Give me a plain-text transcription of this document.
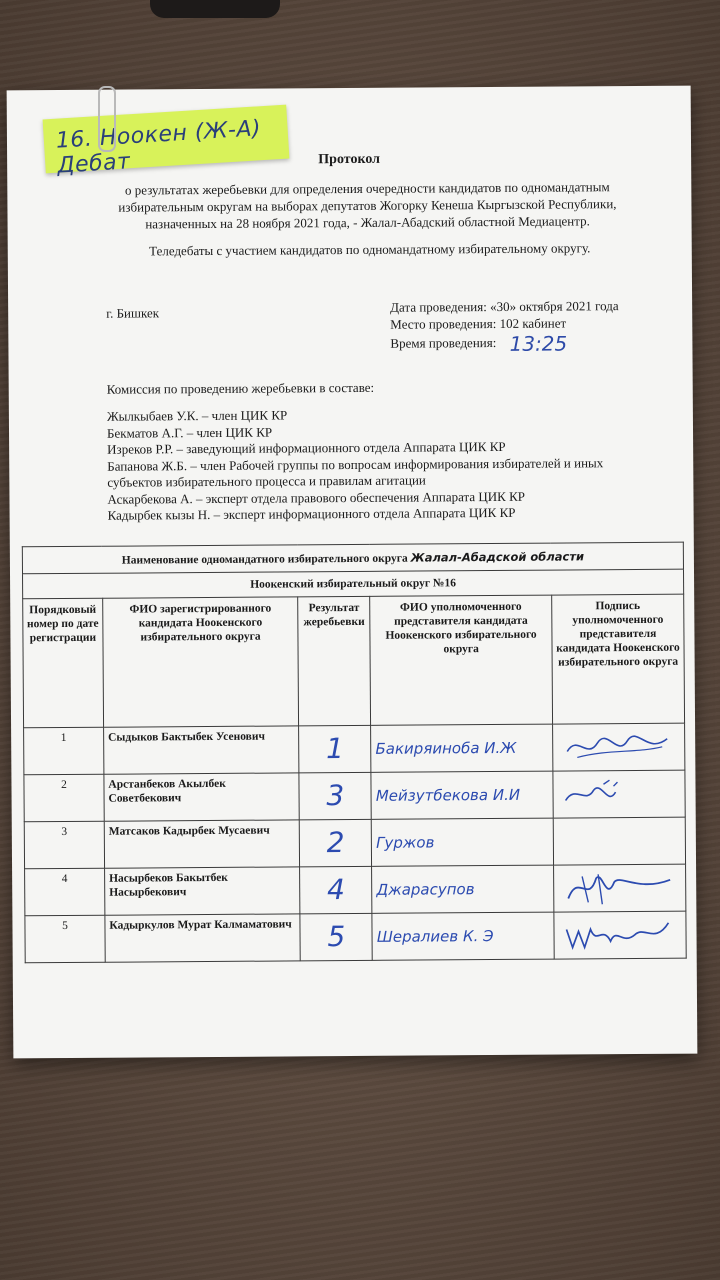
16. Ноокен (Ж-А) Дебат	Протокол
о результатах жеребьевки для определения очередности кандидатов по одномандатным
избирательным округам на выборах депутатов Жогорку Кенеша Кыргызской Республики,
назначенных на 28 ноября 2021 года, - Жалал-Абадский областной Медиацентр.
Теледебаты с участием кандидатов по одномандатному избирательному округу.
г. Бишкек	Дата проведения: «30» октября 2021 года
Место проведения: 102 кабинет
Время проведения: 13:25
Комиссия по проведению жеребьевки в составе:
Жылкыбаев У.К. – член ЦИК КР
Бекматов А.Г. – член ЦИК КР
Изреков Р.Р. – заведующий информационного отдела Аппарата ЦИК КР
Бапанова Ж.Б. – член Рабочей группы по вопросам информирования избирателей и иных
субъектов избирательного процесса и правилам агитации
Аскарбекова А. – эксперт отдела правового обеспечения Аппарата ЦИК КР
Кадырбек кызы Н. – эксперт информационного отдела Аппарата ЦИК КР
Наименование одномандатного избирательного округа Жалал-Абадской области				
Ноокенский избирательный округ №16				
Порядковый номер по дате регистрации	ФИО зарегистрированного кандидата Ноокенского избирательного округа	Результат жеребьевки	ФИО уполномоченного представителя кандидата Ноокенского избирательного округа	Подпись уполномоченного представителя кандидата Ноокенского избирательного округа
1	Сыдыков Бактыбек Усенович	1	Бакиряиноба И.Ж	

2	Арстанбеков Акылбек Советбекович	3	Мейзутбекова И.И	

3	Матсаков Кадырбек Мусаевич	2	Гуржов	
4	Насырбеков Бакытбек Насырбекович	4	Джарасупов	

5	Кадыркулов Мурат Калмаматович	5	Шералиев К. Э	
